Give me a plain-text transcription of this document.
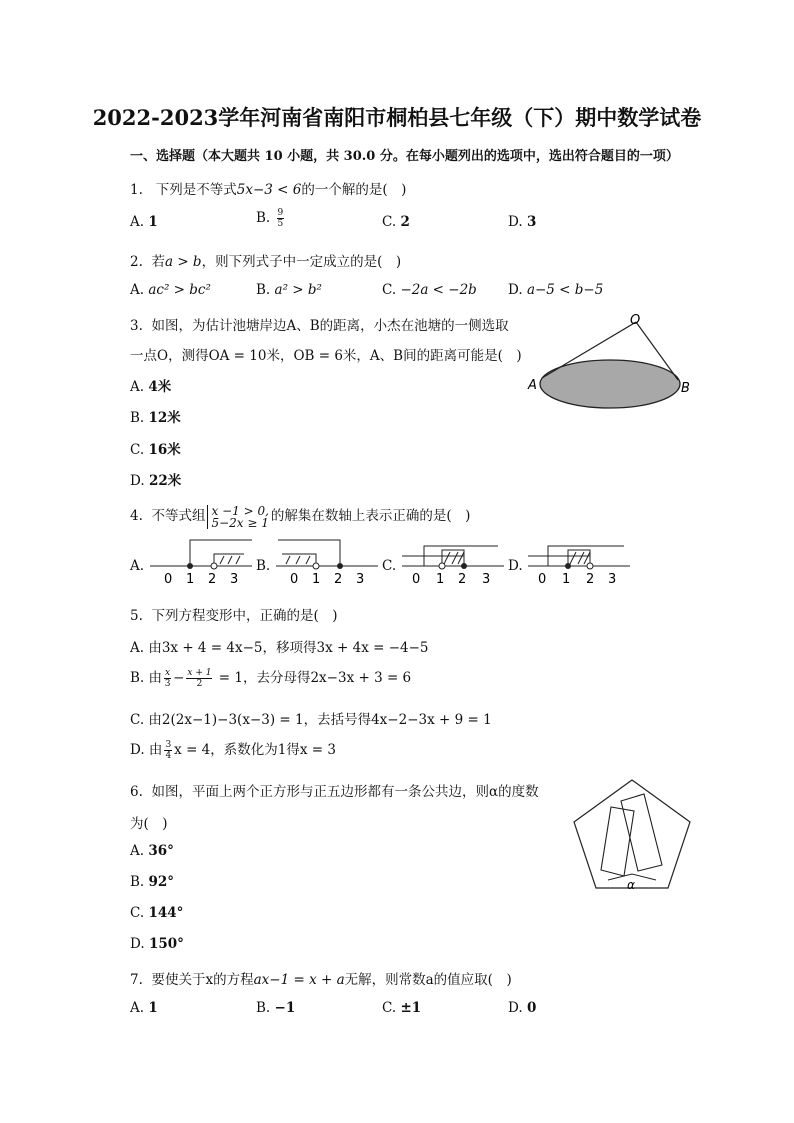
2022-2023学年河南省南阳市桐柏县七年级（下）期中数学试卷
一、选择题（本大题共 10 小题，共 30.0 分。在每小题列出的选项中，选出符合题目的一项）
1. 下列是不等式5x−3 < 6的一个解的是(　)
A. 1	B. $\frac{9}{5}$	C. 2	D. 3
2. 若a > b，则下列式子中一定成立的是(　)
A. ac² > bc²	B. a² > b²	C. −2a < −2b D. a−5 < b−5
3. 如图，为估计池塘岸边A、B的距离，小杰在池塘的一侧选取
一点O，测得OA = 10米，OB = 6米，A、B间的距离可能是(　)
A. 4米
B. 12米
C. 16米
D. 22米
O
A	B
4. 不等式组 x −1 > 0,
5−2x ≥ 1 的解集在数轴上表示正确的是(　)
A.
0 1 2 3
B.
0 1 2 3
C.
0 1 2 3
D.
0 1 2 3
5. 下列方程变形中，正确的是(　)
A. 由3x + 4 = 4x−5，移项得3x + 4x = −4−5
B. 由 $\frac{x}{3} - \frac{x + 1}{2} = 1$，去分母得2x−3x + 3 = 6
C. 由2(2x−1)−3(x−3) = 1，去括号得4x−2−3x + 9 = 1
D. 由 $\frac{3}{4}$ x = 4，系数化为1得x = 3
6. 如图，平面上两个正方形与正五边形都有一条公共边，则α的度数
为(　)
A. 36°
B. 92°
C. 144°
D. 150°
α
7. 要使关于x的方程ax−1 = x + a无解，则常数a的值应取(　)
A. 1	B. −1	C. ±1	D. 0
